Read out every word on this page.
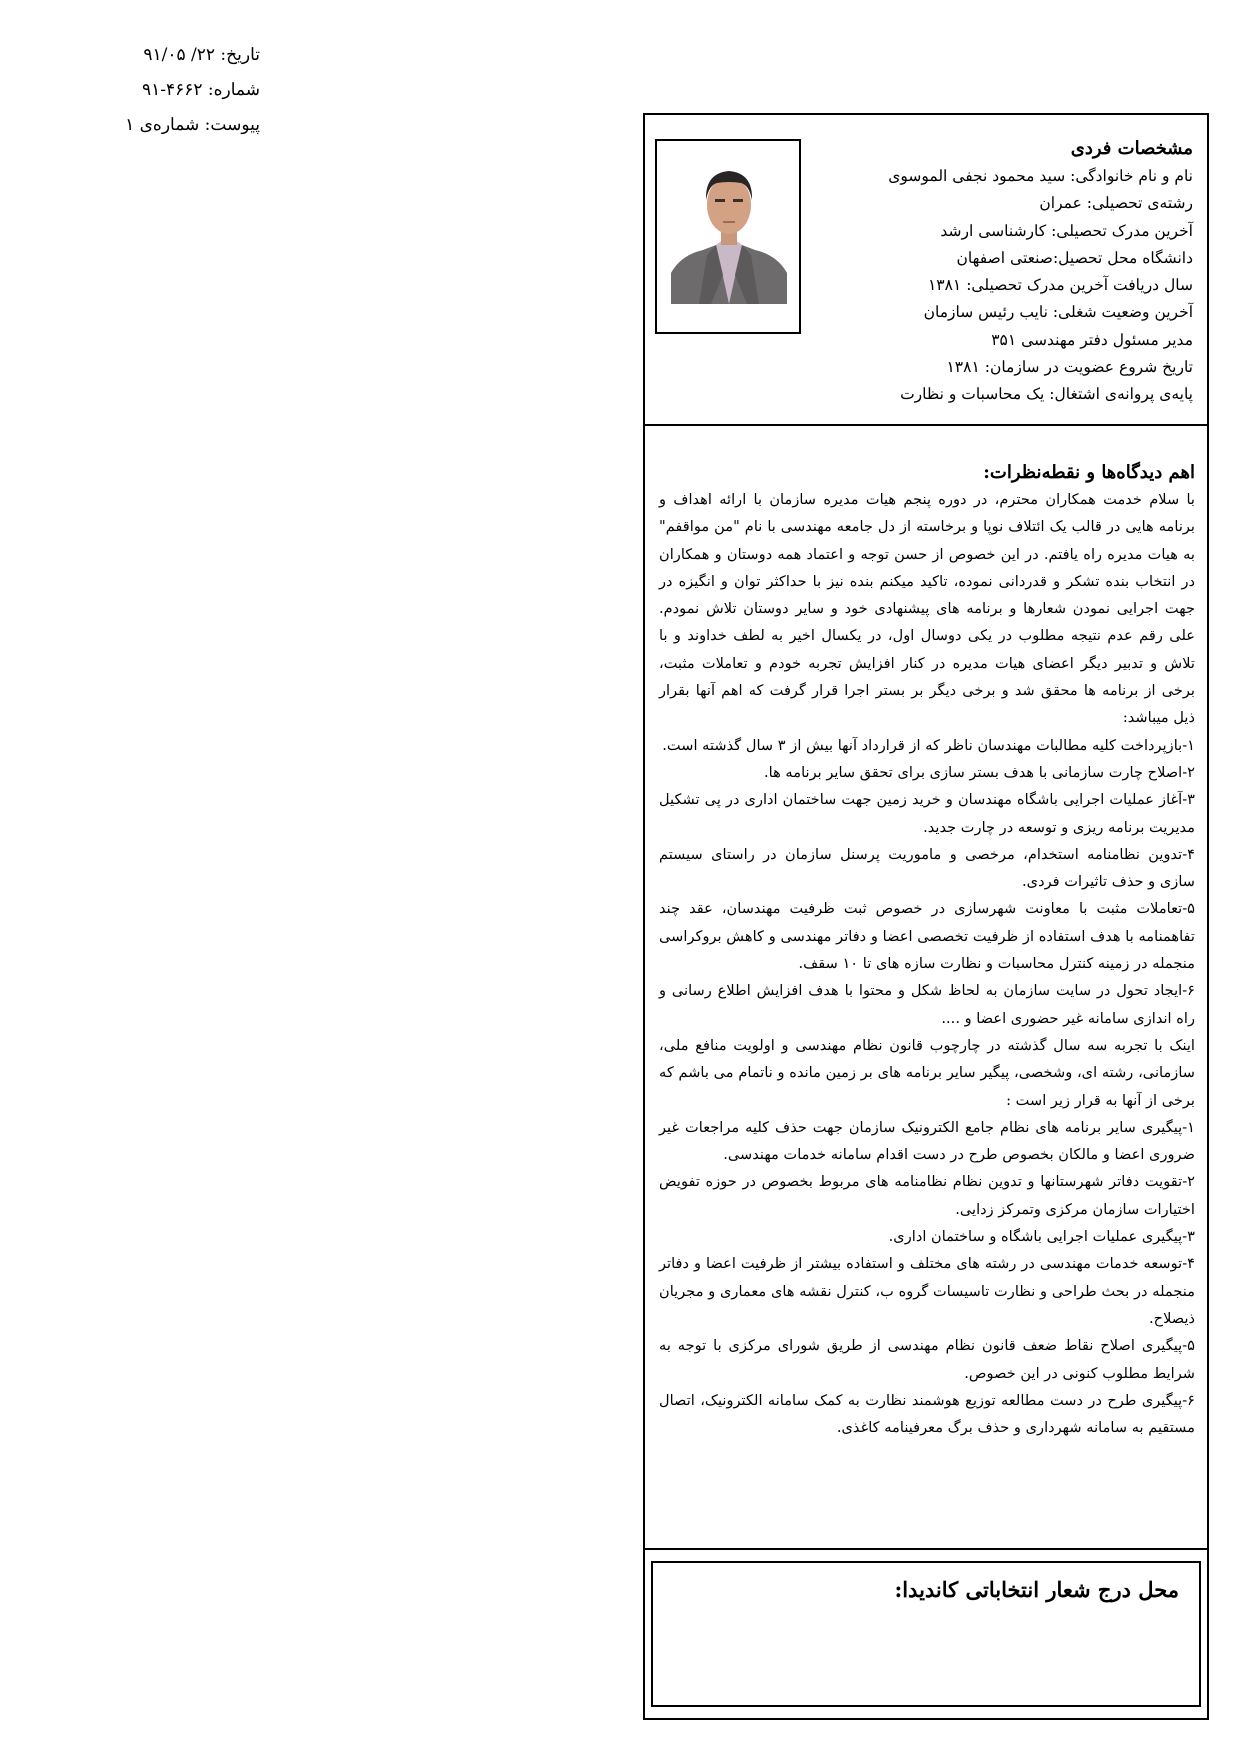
تاریخ: ۲۲/ ۹۱/۰۵
شماره: ۴۶۶۲-۹۱
پیوست: شماره‌ی ۱
مشخصات فردی
نام و نام خانوادگی: سید محمود نجفی الموسوی
رشته‌ی تحصیلی: عمران
آخرین مدرک تحصیلی: کارشناسی ارشد
دانشگاه محل تحصیل:صنعتی اصفهان
سال دریافت آخرین مدرک تحصیلی: ۱۳۸۱
آخرین وضعیت شغلی: نایب رئیس سازمان
مدیر مسئول دفتر مهندسی ۳۵۱
تاریخ شروع عضویت در سازمان: ۱۳۸۱
پایه‌ی پروانه‌ی اشتغال: یک محاسبات و نظارت
اهم دیدگاه‌ها و نقطه‌نظرات:

با سلام خدمت همکاران محترم، در دوره پنجم هیات مدیره سازمان با ارائه اهداف و برنامه هایی در قالب یک ائتلاف نوپا و برخاسته از دل جامعه مهندسی با نام "من مواقفم" به هیات مدیره راه یافتم. در این خصوص از حسن توجه و اعتماد همه دوستان و همکاران در انتخاب بنده تشکر و قدردانی نموده، تاکید میکنم بنده نیز با حداکثر توان و انگیزه در جهت اجرایی نمودن شعارها و برنامه های پیشنهادی خود و سایر دوستان تلاش نمودم. علی رقم عدم نتیجه مطلوب در یکی دوسال اول، در یکسال اخیر به لطف خداوند و با تلاش و تدبیر دیگر اعضای هیات مدیره در کنار افزایش تجربه خودم و تعاملات مثبت، برخی از برنامه ها محقق شد و برخی دیگر بر بستر اجرا قرار گرفت که اهم آنها بقرار ذیل میباشد:

۱-بازپرداخت کلیه مطالبات مهندسان ناظر که از قرارداد آنها بیش از ۳ سال گذشته است.

۲-اصلاح چارت سازمانی با هدف بستر سازی برای تحقق سایر برنامه ها.

۳-آغاز عملیات اجرایی باشگاه مهندسان و خرید زمین جهت ساختمان اداری در پی تشکیل مدیریت برنامه ریزی و توسعه در چارت جدید.

۴-تدوین نظامنامه استخدام، مرخصی و ماموریت پرسنل سازمان در راستای سیستم سازی و حذف تاثیرات فردی.

۵-تعاملات مثبت با معاونت شهرسازی در خصوص ثبت ظرفیت مهندسان، عقد چند تفاهمنامه با هدف استفاده از ظرفیت تخصصی اعضا و دفاتر مهندسی و کاهش بروکراسی منجمله در زمینه کنترل محاسبات و نظارت سازه های تا ۱۰ سقف.

۶-ایجاد تحول در سایت سازمان به لحاظ شکل و محتوا با هدف افزایش اطلاع رسانی و راه اندازی سامانه غیر حضوری اعضا و ....

اینک با تجربه سه سال گذشته در چارچوب قانون نظام مهندسی و اولویت منافع ملی، سازمانی، رشته ای، وشخصی، پیگیر سایر برنامه های بر زمین مانده و ناتمام می باشم که برخی از آنها به قرار زیر است :

۱-پیگیری سایر برنامه های نظام جامع الکترونیک سازمان جهت حذف کلیه مراجعات غیر ضروری اعضا و مالکان بخصوص طرح در دست اقدام سامانه خدمات مهندسی.

۲-تقویت دفاتر شهرستانها و تدوین نظام نظامنامه های مربوط بخصوص در حوزه تفویض اختیارات سازمان مرکزی وتمرکز زدایی.

۳-پیگیری عملیات اجرایی باشگاه و ساختمان اداری.

۴-توسعه خدمات مهندسی در رشته های مختلف و استفاده بیشتر از ظرفیت اعضا و دفاتر منجمله در بحث طراحی و نظارت تاسیسات گروه ب، کنترل نقشه های معماری و مجریان ذیصلاح.

۵-پیگیری اصلاح نقاط ضعف قانون نظام مهندسی از طریق شورای مرکزی با توجه به شرایط مطلوب کنونی در این خصوص.

۶-پیگیری طرح در دست مطالعه توزیع هوشمند نظارت به کمک سامانه الکترونیک، اتصال مستقیم به سامانه شهرداری و حذف برگ معرفینامه کاغذی.

محل درج شعار انتخاباتی کاندیدا:
